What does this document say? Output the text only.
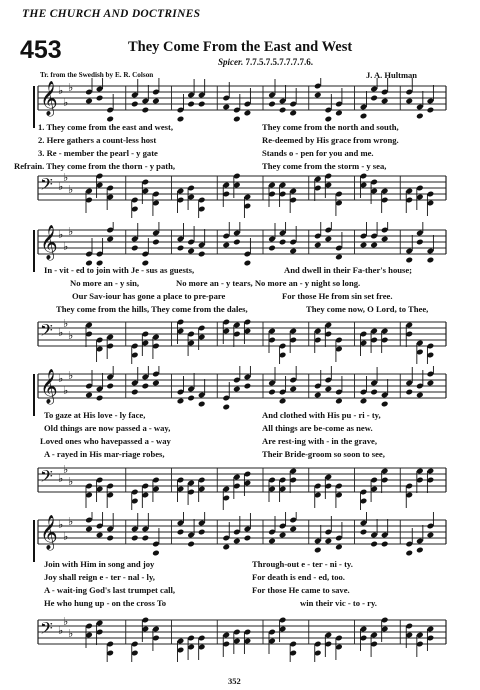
THE CHURCH AND DOCTRINES
453	They Come From the East and West
Spicer. 7.7.5.7.5.7.7.7.7.6.
Tr. from the Swedish by E. R. Colson	J. A. Hultman
𝄞 ♭
♭
♭
1. They come from the east and west,	They come from the north and south,
2. Here gathers a count-less host	Re-deemed by His grace from wrong.
3. Re - member the pearl - y gate	Stands o - pen for you and me.
Refrain. They come from the thorn - y path,	They come from the storm - y sea,
𝄢 ♭
♭
♭
𝄞 ♭
♭
♭
In - vit - ed to join with Je - sus as guests,	And dwell in their Fa-ther's house;
No more an - y sin,	No more an - y tears, No more an - y night so long.
Our Sav-iour has gone a place to pre-pare	For those He from sin set free.
They come from the hills, They come from the dales,	They come now, O Lord, to Thee,
𝄢 ♭
♭
♭
𝄞 ♭
♭
♭
To gaze at His love - ly face,	And clothed with His pu - ri - ty,
Old things are now passed a - way,	All things are be-come as new.
Loved ones who havepassed a - way	Are rest-ing with - in the grave,
A - rayed in His mar-riage robes,	Their Bride-groom so soon to see,
𝄢 ♭
♭
♭
𝄞 ♭
♭
♭
Join with Him in song and joy	Through-out e - ter - ni - ty.
Joy shall reign e - ter - nal - ly,	For death is end - ed, too.
A - wait-ing God's last trumpet call,	For those He came to save.
He who hung up - on the cross To	win their vic - to - ry.
𝄢 ♭
♭
♭
352
